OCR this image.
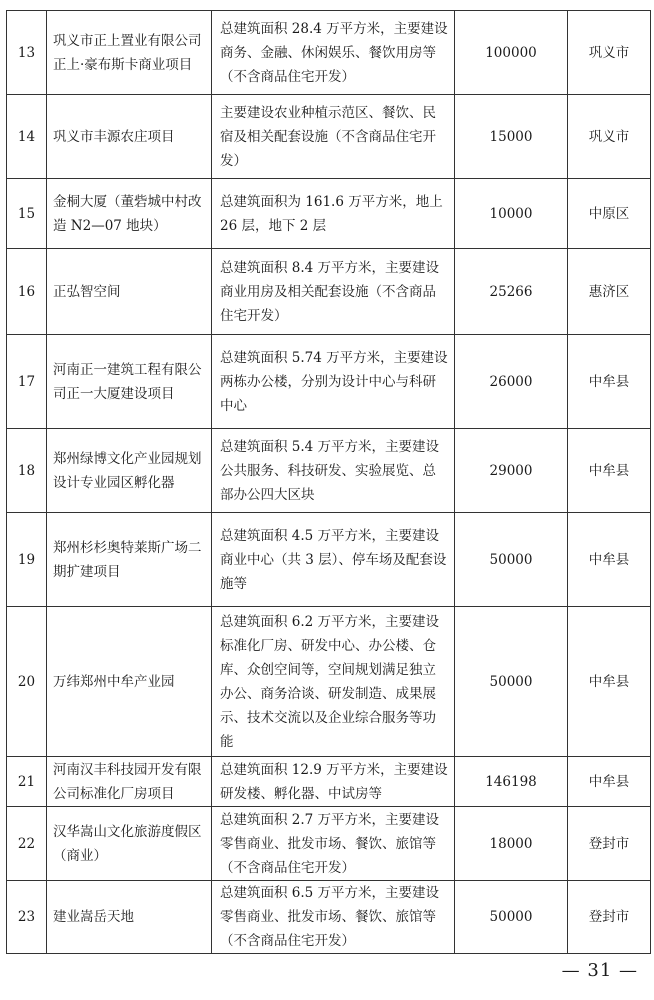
13	巩义市正上置业有限公司正上·豪布斯卡商业项目	总建筑面积 28.4 万平方米，主要建设商务、金融、休闲娱乐、餐饮用房等（不含商品住宅开发）	100000	巩义市
14	巩义市丰源农庄项目	主要建设农业种植示范区、餐饮、民宿及相关配套设施（不含商品住宅开发）	15000	巩义市
15	金桐大厦（董砦城中村改造 N2—07 地块）	总建筑面积为 161.6 万平方米，地上 26 层，地下 2 层	10000	中原区
16	正弘智空间	总建筑面积 8.4 万平方米，主要建设商业用房及相关配套设施（不含商品住宅开发）	25266	惠济区
17	河南正一建筑工程有限公司正一大厦建设项目	总建筑面积 5.74 万平方米，主要建设两栋办公楼，分别为设计中心与科研中心	26000	中牟县
18	郑州绿博文化产业园规划设计专业园区孵化器	总建筑面积 5.4 万平方米，主要建设公共服务、科技研发、实验展览、总部办公四大区块	29000	中牟县
19	郑州杉杉奥特莱斯广场二期扩建项目	总建筑面积 4.5 万平方米，主要建设商业中心（共 3 层）、停车场及配套设施等	50000	中牟县
20	万纬郑州中牟产业园	总建筑面积 6.2 万平方米，主要建设标准化厂房、研发中心、办公楼、仓库、众创空间等，空间规划满足独立办公、商务洽谈、研发制造、成果展示、技术交流以及企业综合服务等功能	50000	中牟县
21	河南汉丰科技园开发有限公司标准化厂房项目	总建筑面积 12.9 万平方米，主要建设研发楼、孵化器、中试房等	146198	中牟县
22	汉华嵩山文化旅游度假区（商业）	总建筑面积 2.7 万平方米，主要建设零售商业、批发市场、餐饮、旅馆等（不含商品住宅开发）	18000	登封市
23	建业嵩岳天地	总建筑面积 6.5 万平方米，主要建设零售商业、批发市场、餐饮、旅馆等（不含商品住宅开发）	50000	登封市
— 31 —
